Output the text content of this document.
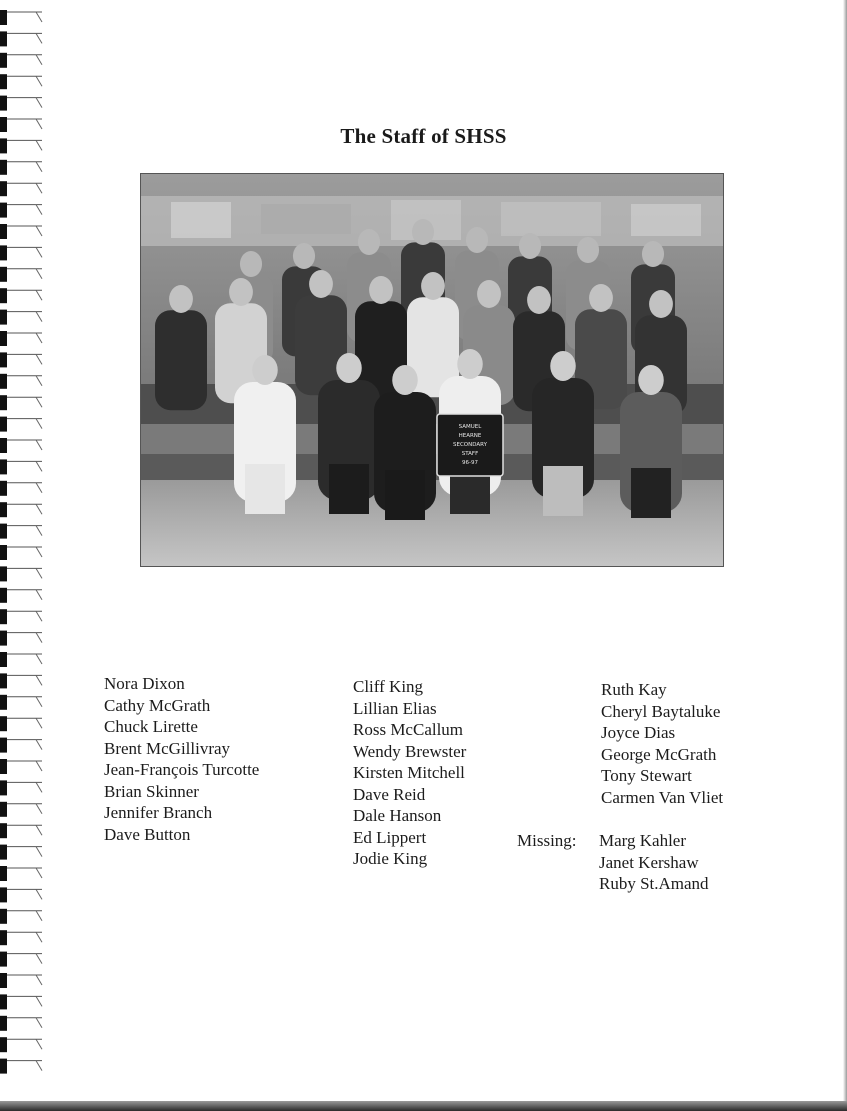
The Staff of SHSS
SAMUEL HEARNE SECONDARY STAFF 96-97
Nora Dixon
Cathy McGrath
Chuck Lirette
Brent McGillivray
Jean-François Turcotte
Brian Skinner
Jennifer Branch
Dave Button
Cliff King
Lillian Elias
Ross McCallum
Wendy Brewster
Kirsten Mitchell
Dave Reid
Dale Hanson
Ed Lippert
Jodie King
Ruth Kay
Cheryl Baytaluke
Joyce Dias
George McGrath
Tony Stewart
Carmen Van Vliet
Missing: Marg Kahler
Janet Kershaw
Ruby St.Amand
